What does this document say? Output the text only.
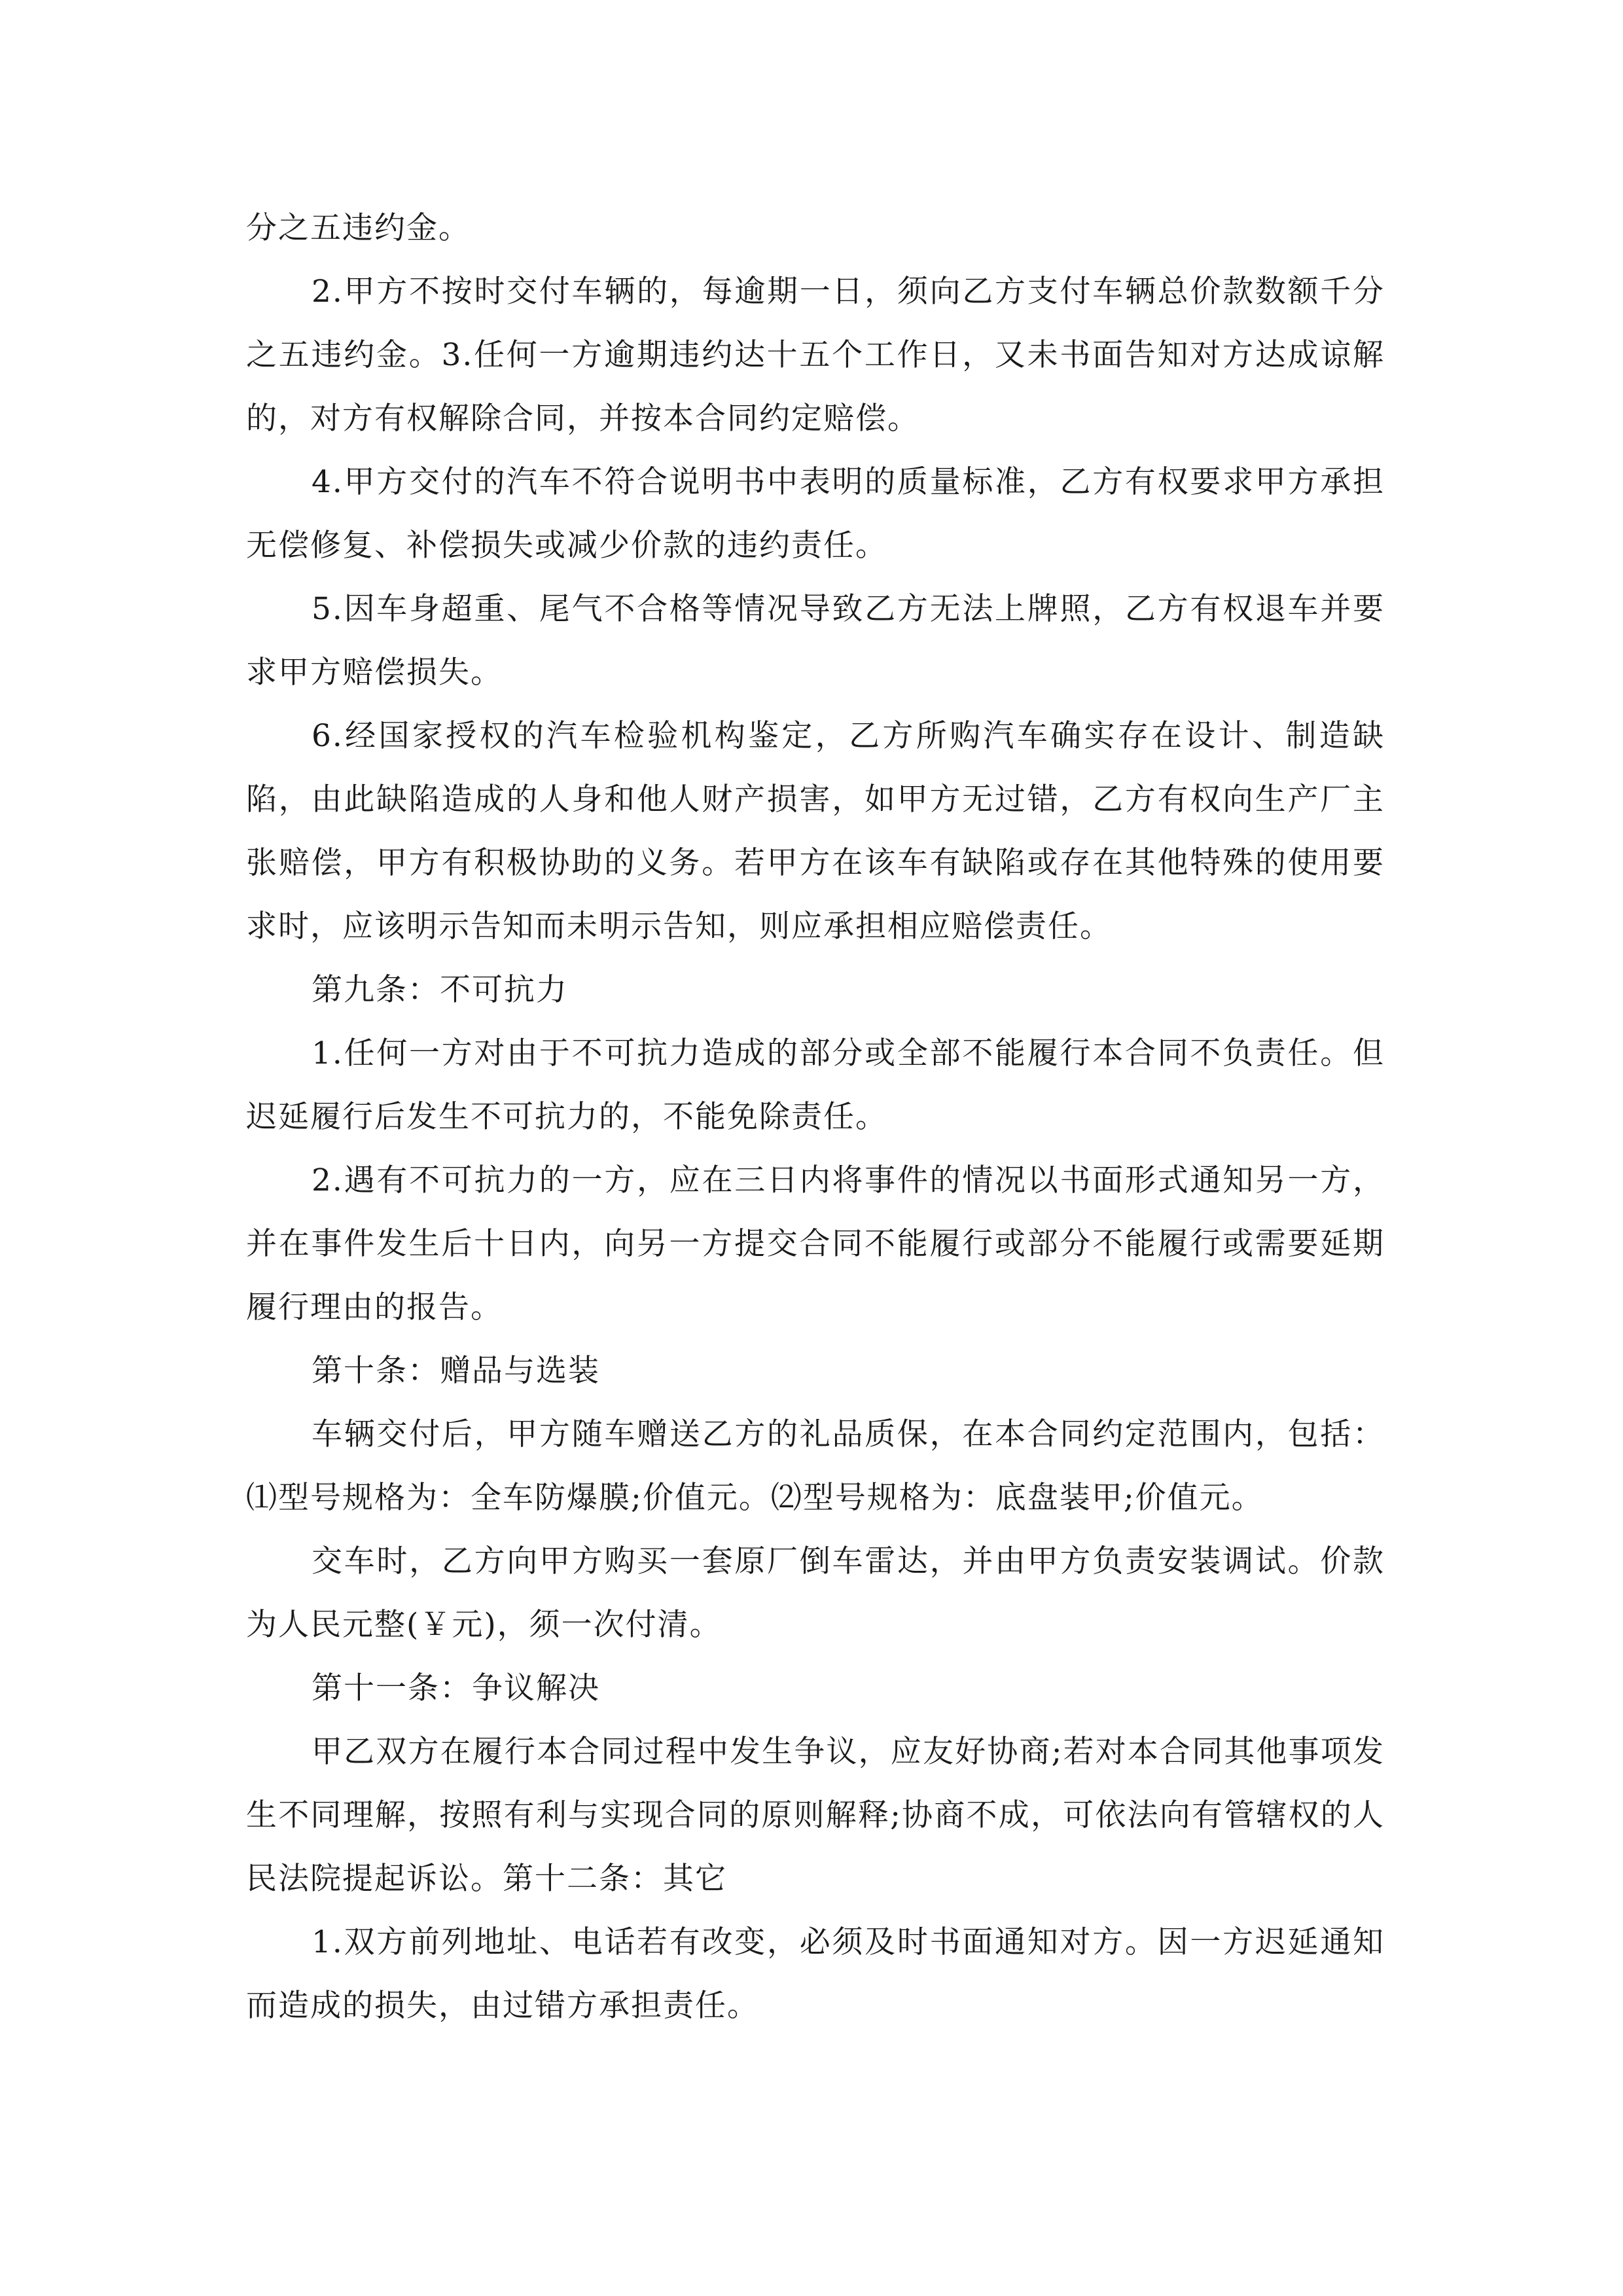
分之五违约金。

2.甲方不按时交付车辆的，每逾期一日，须向乙方支付车辆总价款数额千分之五违约金。3.任何一方逾期违约达十五个工作日，又未书面告知对方达成谅解的，对方有权解除合同，并按本合同约定赔偿。

4.甲方交付的汽车不符合说明书中表明的质量标准，乙方有权要求甲方承担无偿修复、补偿损失或减少价款的违约责任。

5.因车身超重、尾气不合格等情况导致乙方无法上牌照，乙方有权退车并要求甲方赔偿损失。

6.经国家授权的汽车检验机构鉴定，乙方所购汽车确实存在设计、制造缺陷，由此缺陷造成的人身和他人财产损害，如甲方无过错，乙方有权向生产厂主张赔偿，甲方有积极协助的义务。若甲方在该车有缺陷或存在其他特殊的使用要求时，应该明示告知而未明示告知，则应承担相应赔偿责任。

第九条：不可抗力

1.任何一方对由于不可抗力造成的部分或全部不能履行本合同不负责任。但迟延履行后发生不可抗力的，不能免除责任。

2.遇有不可抗力的一方，应在三日内将事件的情况以书面形式通知另一方，并在事件发生后十日内，向另一方提交合同不能履行或部分不能履行或需要延期履行理由的报告。

第十条：赠品与选装

车辆交付后，甲方随车赠送乙方的礼品质保，在本合同约定范围内，包括：⑴型号规格为：全车防爆膜;价值元。⑵型号规格为：底盘装甲;价值元。

交车时，乙方向甲方购买一套原厂倒车雷达，并由甲方负责安装调试。价款为人民元整(￥元)，须一次付清。

第十一条：争议解决

甲乙双方在履行本合同过程中发生争议，应友好协商;若对本合同其他事项发生不同理解，按照有利与实现合同的原则解释;协商不成，可依法向有管辖权的人民法院提起诉讼。第十二条：其它

1.双方前列地址、电话若有改变，必须及时书面通知对方。因一方迟延通知而造成的损失，由过错方承担责任。
